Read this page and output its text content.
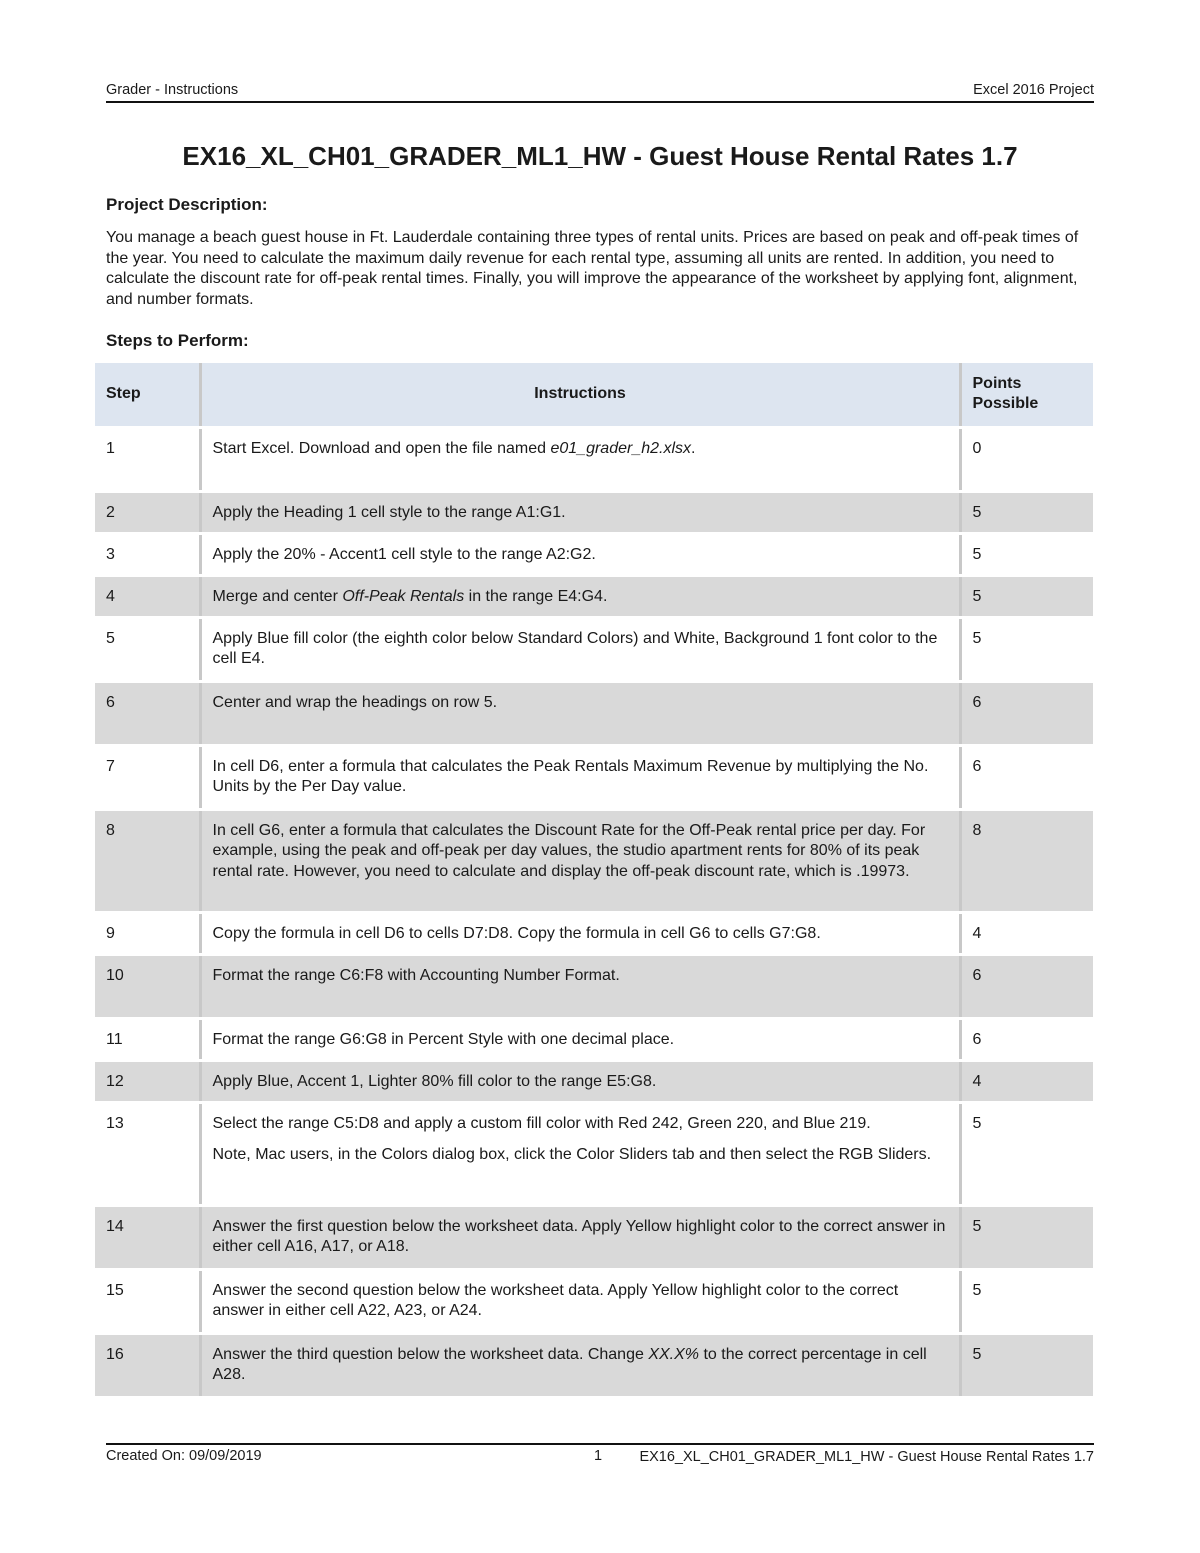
Grader - Instructions	Excel 2016 Project
EX16_XL_CH01_GRADER_ML1_HW - Guest House Rental Rates 1.7
Project Description:

You manage a beach guest house in Ft. Lauderdale containing three types of rental units. Prices are based on peak and off-peak times of the year. You need to calculate the maximum daily revenue for each rental type, assuming all units are rented. In addition, you need to calculate the discount rate for off-peak rental times. Finally, you will improve the appearance of the worksheet by applying font, alignment, and number formats.

Steps to Perform:
Step	Instructions	Points Possible
1	Start Excel. Download and open the file named e01_grader_h2.xlsx.	0
2	Apply the Heading 1 cell style to the range A1:G1.	5
3	Apply the 20% - Accent1 cell style to the range A2:G2.	5
4	Merge and center Off-Peak Rentals in the range E4:G4.	5
5	Apply Blue fill color (the eighth color below Standard Colors) and White, Background 1 font color to the cell E4.	5
6	Center and wrap the headings on row 5.	6
7	In cell D6, enter a formula that calculates the Peak Rentals Maximum Revenue by multiplying the No. Units by the Per Day value.	6
8	In cell G6, enter a formula that calculates the Discount Rate for the Off-Peak rental price per day. For example, using the peak and off-peak per day values, the studio apartment rents for 80% of its peak rental rate. However, you need to calculate and display the off-peak discount rate, which is .19973.	8
9	Copy the formula in cell D6 to cells D7:D8. Copy the formula in cell G6 to cells G7:G8.	4
10	Format the range C6:F8 with Accounting Number Format.	6
11	Format the range G6:G8 in Percent Style with one decimal place.	6
12	Apply Blue, Accent 1, Lighter 80% fill color to the range E5:G8.	4
13	Select the range C5:D8 and apply a custom fill color with Red 242, Green 220, and Blue 219.
Note, Mac users, in the Colors dialog box, click the Color Sliders tab and then select the RGB Sliders.	5
14	Answer the first question below the worksheet data. Apply Yellow highlight color to the correct answer in either cell A16, A17, or A18.	5
15	Answer the second question below the worksheet data. Apply Yellow highlight color to the correct answer in either cell A22, A23, or A24.	5
16	Answer the third question below the worksheet data. Change XX.X% to the correct percentage in cell A28.	5
Created On: 09/09/2019	1	EX16_XL_CH01_GRADER_ML1_HW - Guest House Rental Rates 1.7
